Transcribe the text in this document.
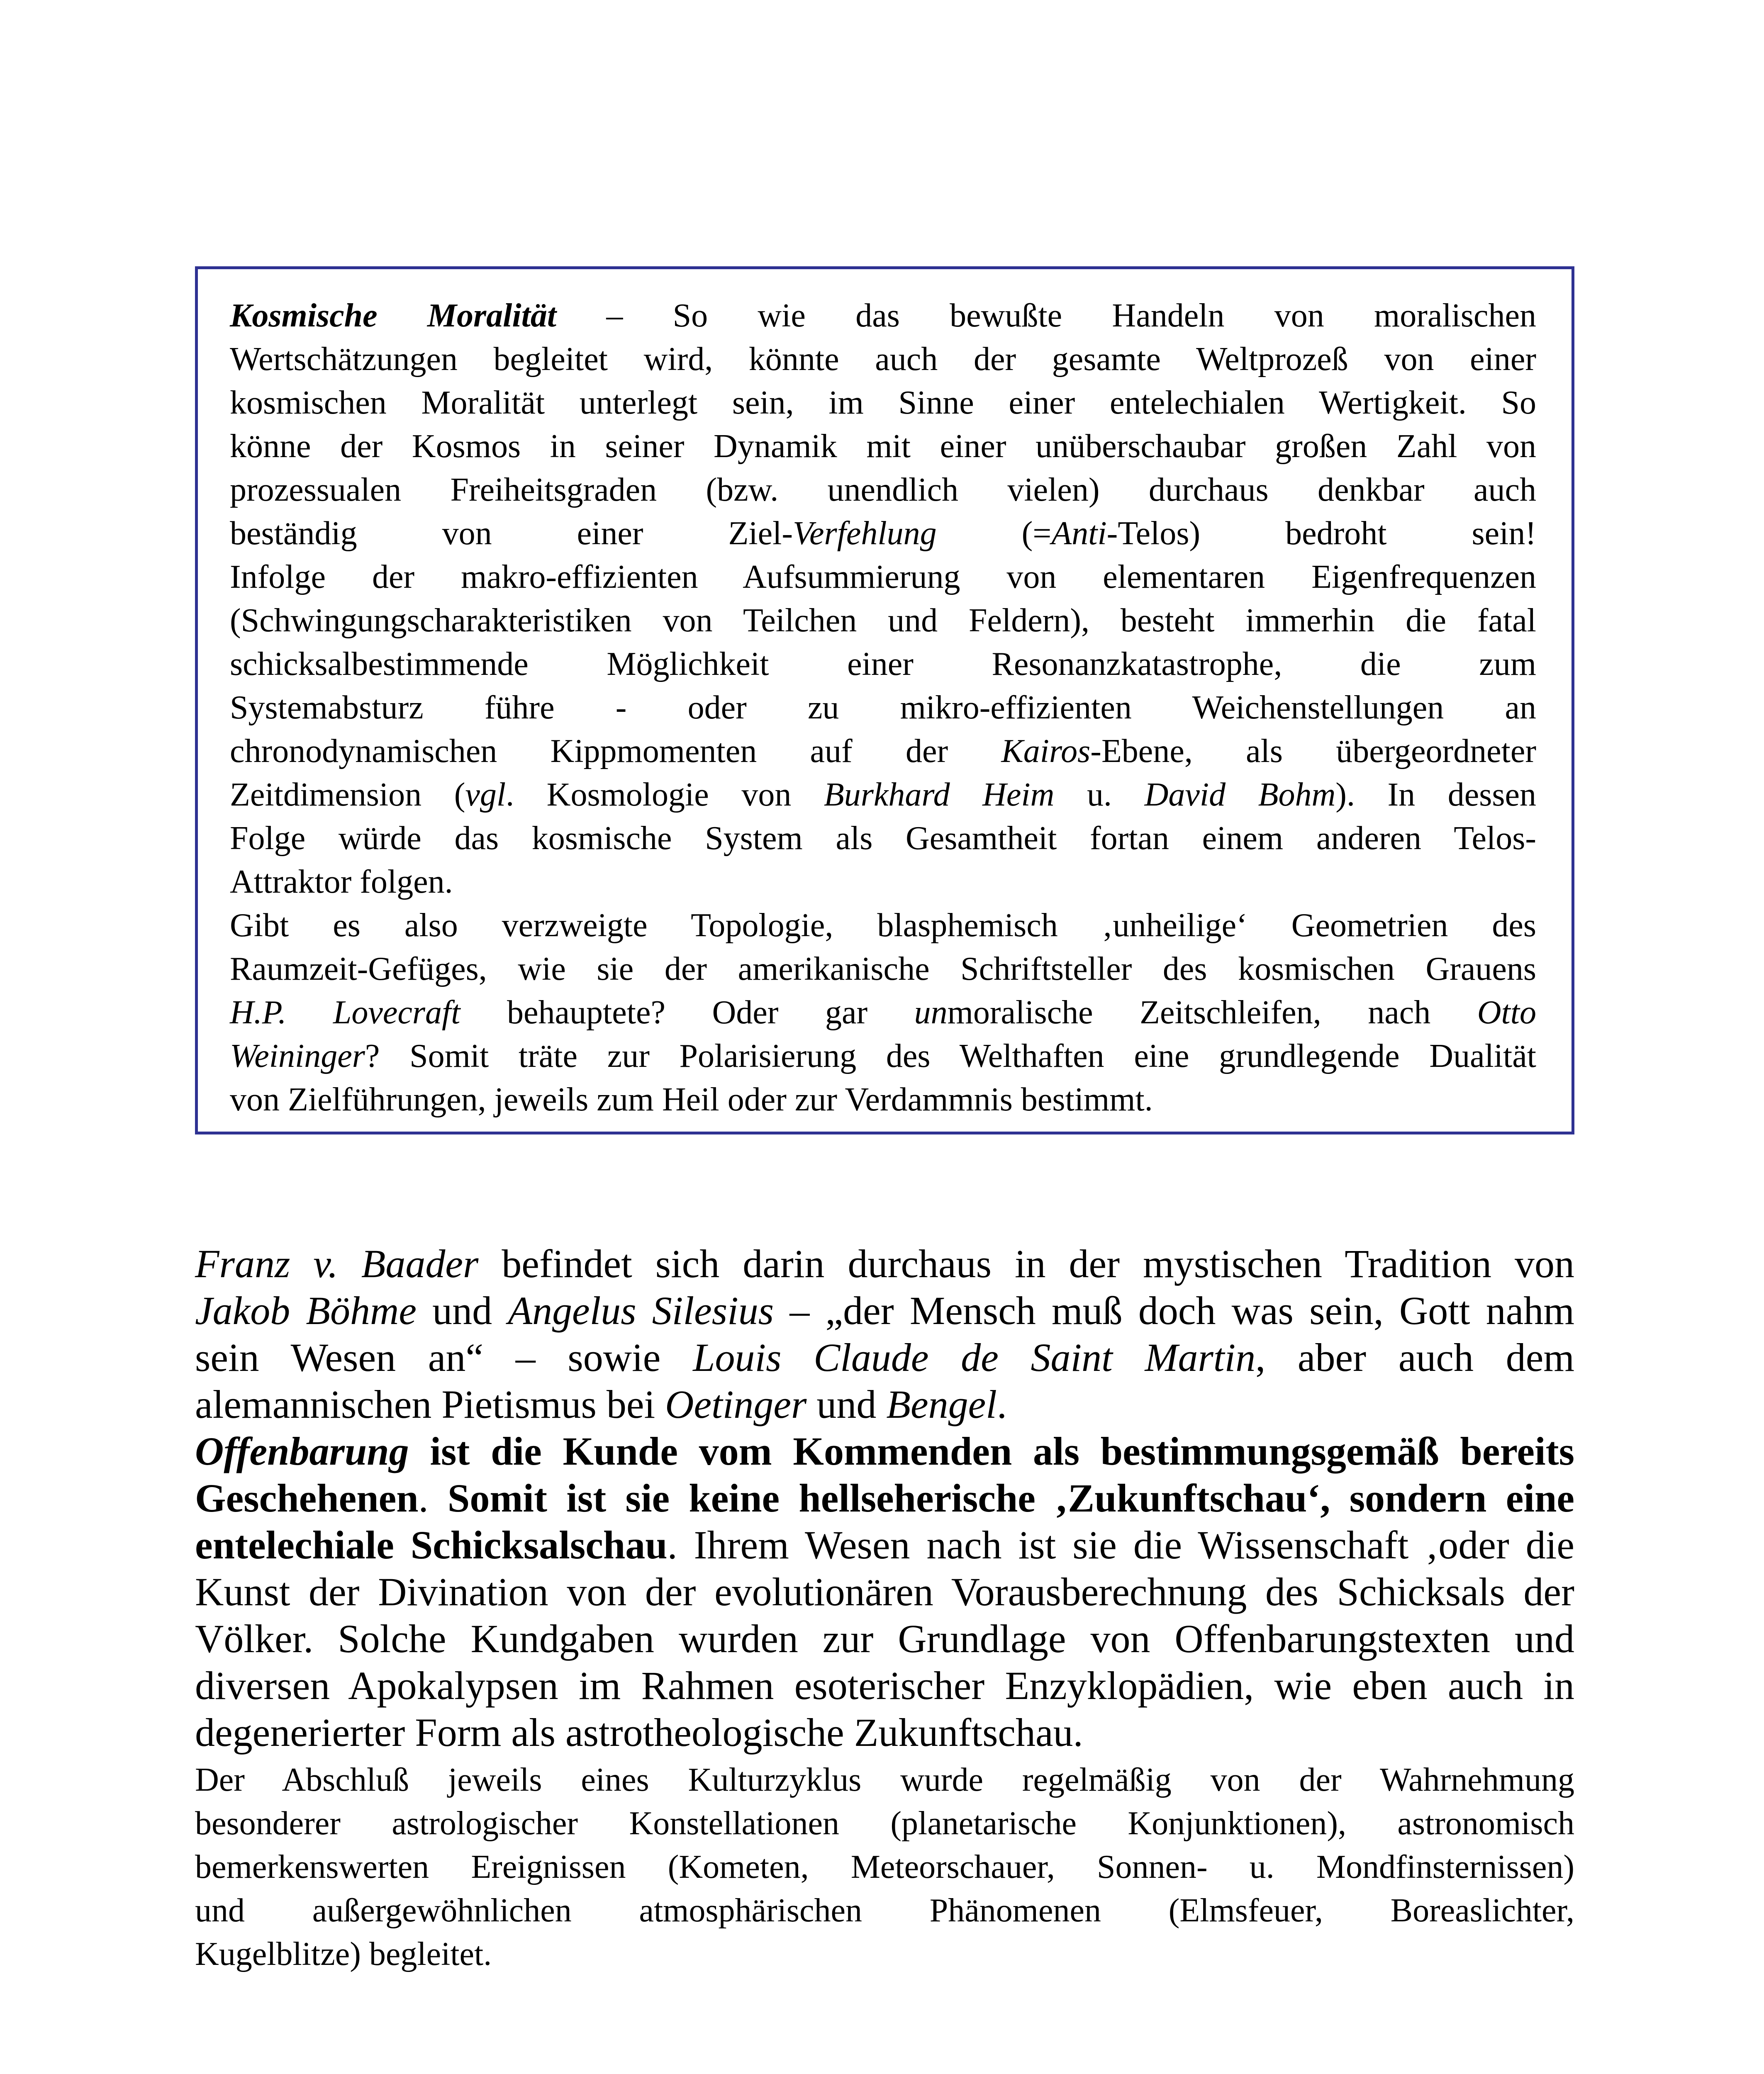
Kosmische Moralität – So wie das bewußte Handeln von moralischen

Wertschätzungen begleitet wird, könnte auch der gesamte Weltprozeß von einer

kosmischen Moralität unterlegt sein, im Sinne einer entelechialen Wertigkeit. So

könne der Kosmos in seiner Dynamik mit einer unüberschaubar großen Zahl von

prozessualen Freiheitsgraden (bzw. unendlich vielen) durchaus denkbar auch

beständig von einer Ziel-Verfehlung (=Anti-Telos) bedroht sein!

Infolge der makro-effizienten Aufsummierung von elementaren Eigenfrequenzen

(Schwingungscharakteristiken von Teilchen und Feldern), besteht immerhin die fatal

schicksalbestimmende Möglichkeit einer Resonanzkatastrophe, die zum

Systemabsturz führe - oder zu mikro-effizienten Weichenstellungen an

chronodynamischen Kippmomenten auf der Kairos-Ebene, als übergeordneter

Zeitdimension (vgl. Kosmologie von Burkhard Heim u. David Bohm). In dessen

Folge würde das kosmische System als Gesamtheit fortan einem anderen Telos-

Attraktor folgen.

Gibt es also verzweigte Topologie, blasphemisch ‚unheilige‘ Geometrien des

Raumzeit-Gefüges, wie sie der amerikanische Schriftsteller des kosmischen Grauens

H.P. Lovecraft behauptete? Oder gar unmoralische Zeitschleifen, nach Otto

Weininger? Somit träte zur Polarisierung des Welthaften eine grundlegende Dualität

von Zielführungen, jeweils zum Heil oder zur Verdammnis bestimmt.

Franz v. Baader befindet sich darin durchaus in der mystischen Tradition von

Jakob Böhme und Angelus Silesius – „der Mensch muß doch was sein, Gott nahm

sein Wesen an“ – sowie Louis Claude de Saint Martin, aber auch dem

alemannischen Pietismus bei Oetinger und Bengel.

Offenbarung ist die Kunde vom Kommenden als bestimmungsgemäß bereits

Geschehenen. Somit ist sie keine hellseherische ‚Zukunftschau‘, sondern eine

entelechiale Schicksalschau. Ihrem Wesen nach ist sie die Wissenschaft ‚oder die

Kunst der Divination von der evolutionären Vorausberechnung des Schicksals der

Völker. Solche Kundgaben wurden zur Grundlage von Offenbarungstexten und

diversen Apokalypsen im Rahmen esoterischer Enzyklopädien, wie eben auch in

degenerierter Form als astrotheologische Zukunftschau.

Der Abschluß jeweils eines Kulturzyklus wurde regelmäßig von der Wahrnehmung

besonderer astrologischer Konstellationen (planetarische Konjunktionen), astronomisch

bemerkenswerten Ereignissen (Kometen, Meteorschauer, Sonnen- u. Mondfinsternissen)

und außergewöhnlichen atmosphärischen Phänomenen (Elmsfeuer, Boreaslichter,

Kugelblitze) begleitet.
